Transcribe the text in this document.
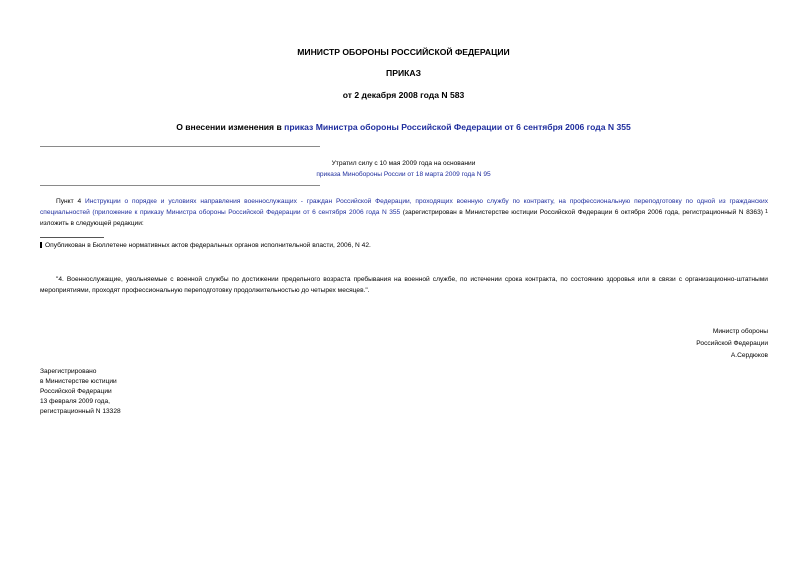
МИНИСТР ОБОРОНЫ РОССИЙСКОЙ ФЕДЕРАЦИИ
ПРИКАЗ
от 2 декабря 2008 года N 583
О внесении изменения в приказ Министра обороны Российской Федерации от 6 сентября 2006 года N 355
Утратил силу с 10 мая 2009 года на основании
приказа Минобороны России от 18 марта 2009 года N 95
Пункт 4 Инструкции о порядке и условиях направления военнослужащих - граждан Российской Федерации, проходящих военную службу по контракту, на профессиональную переподготовку по одной из гражданских специальностей (приложение к приказу Министра обороны Российской Федерации от 6 сентября 2006 года N 355 (зарегистрирован в Министерстве юстиции Российской Федерации 6 октября 2006 года, регистрационный N 8363) 1 изложить в следующей редакции:
Опубликован в Бюллетене нормативных актов федеральных органов исполнительной власти, 2006, N 42.
"4. Военнослужащие, увольняемые с военной службы по достижении предельного возраста пребывания на военной службе, по истечении срока контракта, по состоянию здоровья или в связи с организационно-штатными мероприятиями, проходят профессиональную переподготовку продолжительностью до четырех месяцев.".
Министр обороны
Российской Федерации
А.Сердюков
Зарегистрировано
в Министерстве юстиции
Российской Федерации
13 февраля 2009 года,
регистрационный N 13328
